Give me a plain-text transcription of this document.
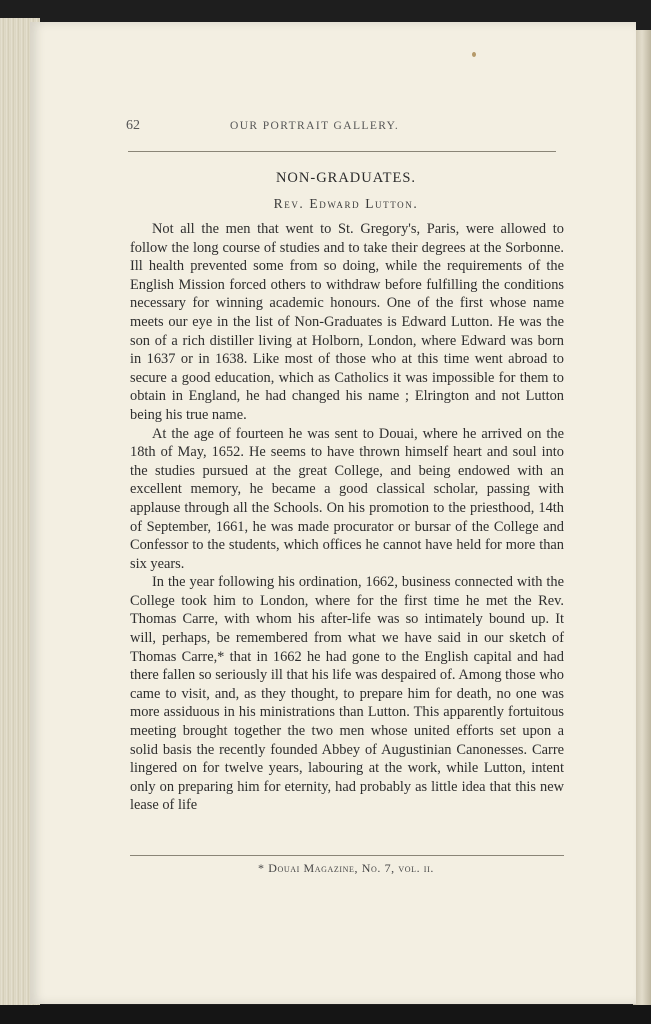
62	OUR PORTRAIT GALLERY.
NON-GRADUATES.
Rev. Edward Lutton.

Not all the men that went to St. Gregory's, Paris, were allowed to follow the long course of studies and to take their degrees at the Sorbonne. Ill health prevented some from so doing, while the requirements of the English Mission forced others to withdraw before fulfilling the conditions necessary for winning academic honours. One of the first whose name meets our eye in the list of Non-Graduates is Edward Lutton. He was the son of a rich distiller living at Holborn, London, where Edward was born in 1637 or in 1638. Like most of those who at this time went abroad to secure a good education, which as Catholics it was impossible for them to obtain in England, he had changed his name ; Elrington and not Lutton being his true name.

At the age of fourteen he was sent to Douai, where he arrived on the 18th of May, 1652. He seems to have thrown himself heart and soul into the studies pursued at the great College, and being endowed with an excellent memory, he became a good classical scholar, passing with applause through all the Schools. On his promotion to the priesthood, 14th of September, 1661, he was made procurator or bursar of the College and Confessor to the students, which offices he cannot have held for more than six years.

In the year following his ordination, 1662, business connected with the College took him to London, where for the first time he met the Rev. Thomas Carre, with whom his after-life was so intimately bound up. It will, perhaps, be remembered from what we have said in our sketch of Thomas Carre,* that in 1662 he had gone to the English capital and had there fallen so seriously ill that his life was despaired of. Among those who came to visit, and, as they thought, to prepare him for death, no one was more assiduous in his ministrations than Lutton. This apparently fortuitous meeting brought together the two men whose united efforts set upon a solid basis the recently founded Abbey of Augustinian Canonesses. Carre lingered on for twelve years, labouring at the work, while Lutton, intent only on preparing him for eternity, had probably as little idea that this new lease of life

* Douai Magazine, No. 7, vol. ii.
